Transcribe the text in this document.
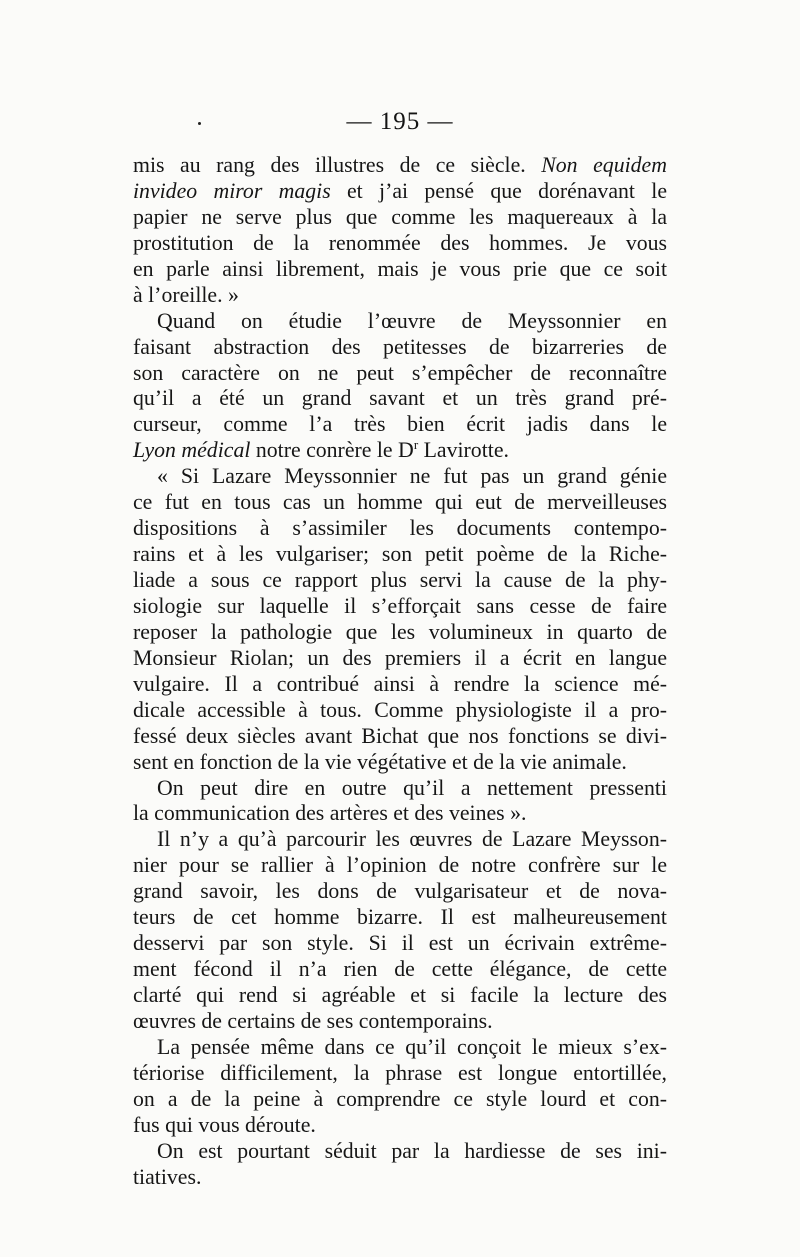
— 195 —
mis au rang des illustres de ce siècle. Non equidem
invideo miror magis et j’ai pensé que dorénavant le
papier ne serve plus que comme les maquereaux à la
prostitution de la renommée des hommes. Je vous
en parle ainsi librement, mais je vous prie que ce soit
à l’oreille. »
Quand on étudie l’œuvre de Meyssonnier en
faisant abstraction des petitesses de bizarreries de
son caractère on ne peut s’empêcher de reconnaître
qu’il a été un grand savant et un très grand pré-
curseur, comme l’a très bien écrit jadis dans le
Lyon médical notre conrère le $D^r$ Lavirotte.
« Si Lazare Meyssonnier ne fut pas un grand génie
ce fut en tous cas un homme qui eut de merveilleuses
dispositions à s’assimiler les documents contempo-
rains et à les vulgariser; son petit poème de la Riche-
liade a sous ce rapport plus servi la cause de la phy-
siologie sur laquelle il s’efforçait sans cesse de faire
reposer la pathologie que les volumineux in quarto de
Monsieur Riolan; un des premiers il a écrit en langue
vulgaire. Il a contribué ainsi à rendre la science mé-
dicale accessible à tous. Comme physiologiste il a pro-
fessé deux siècles avant Bichat que nos fonctions se divi-
sent en fonction de la vie végétative et de la vie animale.
On peut dire en outre qu’il a nettement pressenti
la communication des artères et des veines ».
Il n’y a qu’à parcourir les œuvres de Lazare Meysson-
nier pour se rallier à l’opinion de notre confrère sur le
grand savoir, les dons de vulgarisateur et de nova-
teurs de cet homme bizarre. Il est malheureusement
desservi par son style. Si il est un écrivain extrême-
ment fécond il n’a rien de cette élégance, de cette
clarté qui rend si agréable et si facile la lecture des
œuvres de certains de ses contemporains.
La pensée même dans ce qu’il conçoit le mieux s’ex-
tériorise difficilement, la phrase est longue entortillée,
on a de la peine à comprendre ce style lourd et con-
fus qui vous déroute.
On est pourtant séduit par la hardiesse de ses ini-
tiatives.
